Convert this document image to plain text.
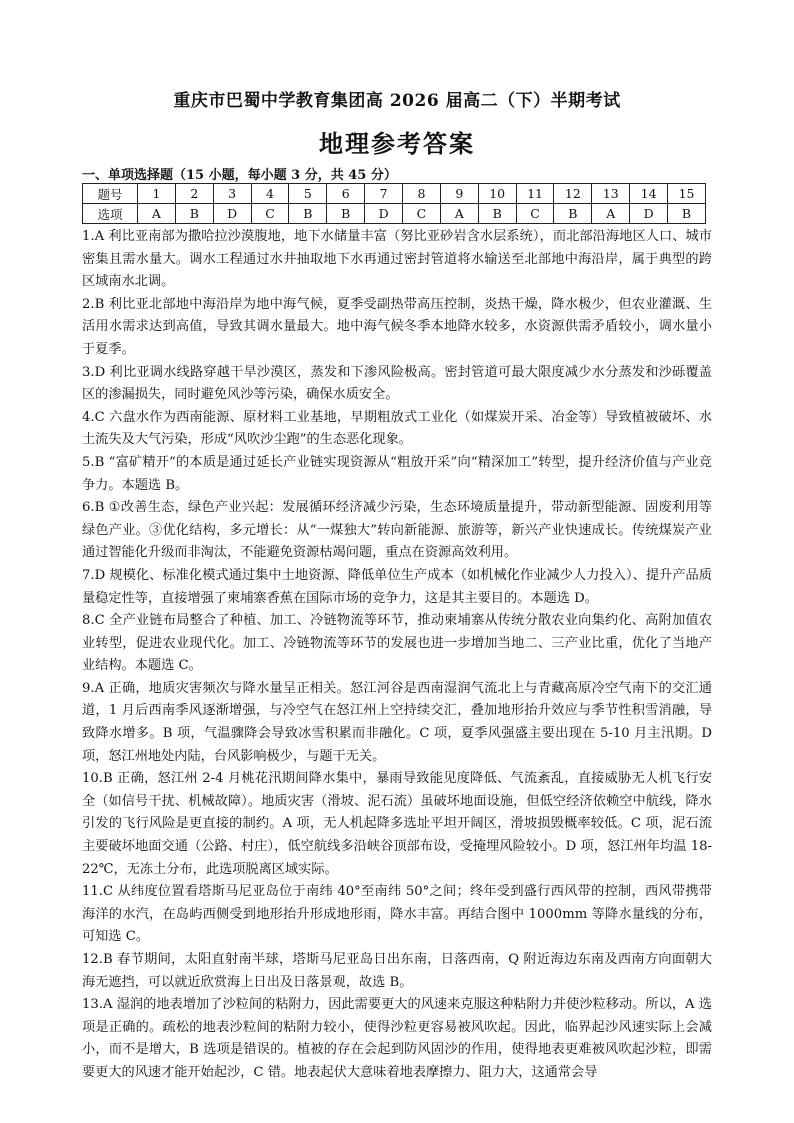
重庆市巴蜀中学教育集团高 2026 届高二（下）半期考试
地理参考答案
一、单项选择题（15 小题，每小题 3 分，共 45 分）
题号	1	2	3	4	5	6	7	8	9	10	11	12	13	14	15
选项	A	B	D	C	B	B	D	C	A	B	C	B	A	D	B

1.A 利比亚南部为撒哈拉沙漠腹地，地下水储量丰富（努比亚砂岩含水层系统），而北部沿海地区人口、城市密集且需水量大。调水工程通过水井抽取地下水再通过密封管道将水输送至北部地中海沿岸，属于典型的跨区域南水北调。

2.B 利比亚北部地中海沿岸为地中海气候，夏季受副热带高压控制，炎热干燥，降水极少，但农业灌溉、生活用水需求达到高值，导致其调水量最大。地中海气候冬季本地降水较多，水资源供需矛盾较小，调水量小于夏季。

3.D 利比亚调水线路穿越干旱沙漠区，蒸发和下渗风险极高。密封管道可最大限度减少水分蒸发和沙砾覆盖区的渗漏损失，同时避免风沙等污染，确保水质安全。

4.C 六盘水作为西南能源、原材料工业基地，早期粗放式工业化（如煤炭开采、冶金等）导致植被破坏、水土流失及大气污染，形成“风吹沙尘跑”的生态恶化现象。

5.B “富矿精开”的本质是通过延长产业链实现资源从“粗放开采”向“精深加工”转型，提升经济价值与产业竞争力。本题选 B。

6.B ①改善生态，绿色产业兴起：发展循环经济减少污染，生态环境质量提升，带动新型能源、固废利用等绿色产业。③优化结构，多元增长：从“一煤独大”转向新能源、旅游等，新兴产业快速成长。传统煤炭产业通过智能化升级而非淘汰，不能避免资源枯竭问题，重点在资源高效利用。

7.D 规模化、标准化模式通过集中土地资源、降低单位生产成本（如机械化作业减少人力投入）、提升产品质量稳定性等，直接增强了柬埔寨香蕉在国际市场的竞争力，这是其主要目的。本题选 D。

8.C 全产业链布局整合了种植、加工、冷链物流等环节，推动柬埔寨从传统分散农业向集约化、高附加值农业转型，促进农业现代化。加工、冷链物流等环节的发展也进一步增加当地二、三产业比重，优化了当地产业结构。本题选 C。

9.A 正确，地质灾害频次与降水量呈正相关。怒江河谷是西南湿润气流北上与青藏高原冷空气南下的交汇通道，1 月后西南季风逐渐增强，与冷空气在怒江州上空持续交汇，叠加地形抬升效应与季节性积雪消融，导致降水增多。B 项，气温骤降会导致冰雪积累而非融化。C 项，夏季风强盛主要出现在 5-10 月主汛期。D 项，怒江州地处内陆，台风影响极少，与题干无关。

10.B 正确，怒江州 2-4 月桃花汛期间降水集中，暴雨导致能见度降低、气流紊乱，直接威胁无人机飞行安全（如信号干扰、机械故障）。地质灾害（滑坡、泥石流）虽破坏地面设施，但低空经济依赖空中航线，降水引发的飞行风险是更直接的制约。A 项，无人机起降多选址平坦开阔区，滑坡损毁概率较低。C 项，泥石流主要破坏地面交通（公路、村庄），低空航线多沿峡谷顶部布设，受掩埋风险较小。D 项，怒江州年均温 18-22℃，无冻土分布，此选项脱离区域实际。

11.C 从纬度位置看塔斯马尼亚岛位于南纬 40°至南纬 50°之间；终年受到盛行西风带的控制，西风带携带海洋的水汽，在岛屿西侧受到地形抬升形成地形雨，降水丰富。再结合图中 1000mm 等降水量线的分布，可知选 C。

12.B 春节期间，太阳直射南半球，塔斯马尼亚岛日出东南，日落西南，Q 附近海边东南及西南方向面朝大海无遮挡，可以就近欣赏海上日出及日落景观，故选 B。

13.A 湿润的地表增加了沙粒间的粘附力，因此需要更大的风速来克服这种粘附力并使沙粒移动。所以，A 选项是正确的。疏松的地表沙粒间的粘附力较小，使得沙粒更容易被风吹起。因此，临界起沙风速实际上会减小，而不是增大，B 选项是错误的。植被的存在会起到防风固沙的作用，使得地表更难被风吹起沙粒，即需要更大的风速才能开始起沙，C 错。地表起伏大意味着地表摩擦力、阻力大，这通常会导
